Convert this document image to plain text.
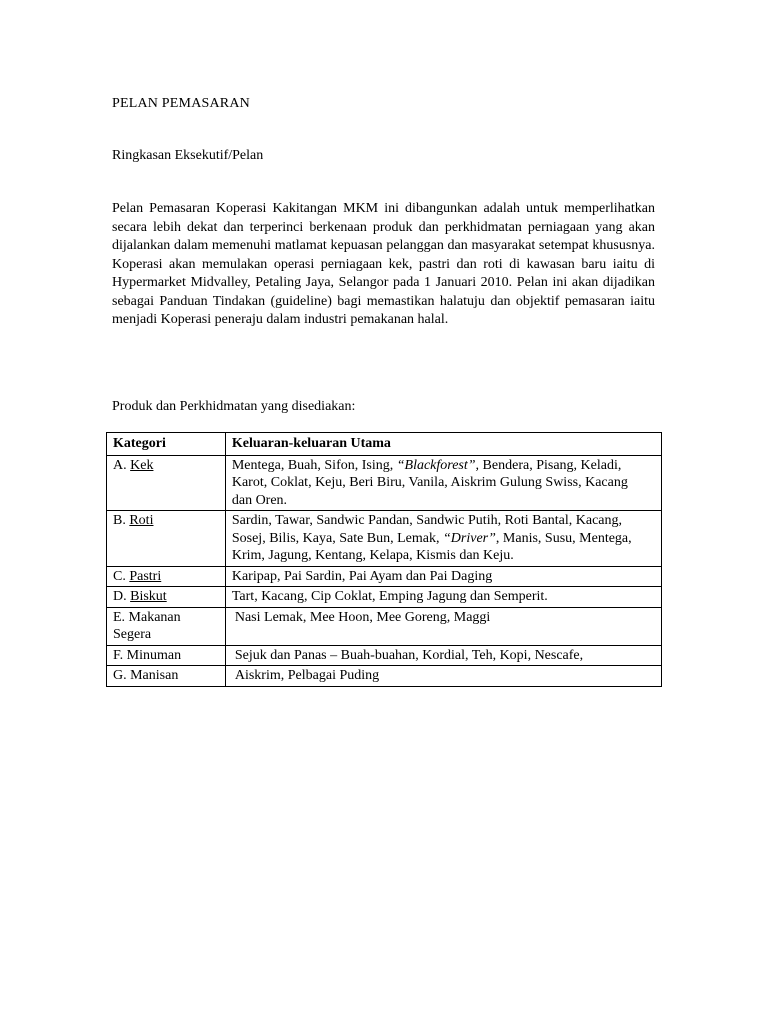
PELAN PEMASARAN
Ringkasan Eksekutif/Pelan
Pelan Pemasaran Koperasi Kakitangan MKM ini dibangunkan adalah untuk memperlihatkan secara lebih dekat dan terperinci berkenaan produk dan perkhidmatan perniagaan yang akan dijalankan dalam memenuhi matlamat kepuasan pelanggan dan masyarakat setempat khususnya. Koperasi akan memulakan operasi perniagaan kek, pastri dan roti di kawasan baru iaitu di Hypermarket Midvalley, Petaling Jaya, Selangor pada 1 Januari 2010. Pelan ini akan dijadikan sebagai Panduan Tindakan (guideline) bagi memastikan halatuju dan objektif pemasaran iaitu menjadi Koperasi peneraju dalam industri pemakanan halal.
Produk dan Perkhidmatan yang disediakan:
Kategori	Keluaran-keluaran Utama
A. Kek	Mentega, Buah, Sifon, Ising, “Blackforest”, Bendera, Pisang, Keladi,
Karot, Coklat, Keju, Beri Biru, Vanila, Aiskrim Gulung Swiss, Kacang
dan Oren.
B. Roti	Sardin, Tawar, Sandwic Pandan, Sandwic Putih, Roti Bantal, Kacang,
Sosej, Bilis, Kaya, Sate Bun, Lemak, “Driver”, Manis, Susu, Mentega,
Krim, Jagung, Kentang, Kelapa, Kismis dan Keju.
C. Pastri	Karipap, Pai Sardin, Pai Ayam dan Pai Daging
D. Biskut	Tart, Kacang, Cip Coklat, Emping Jagung dan Semperit.
E. Makanan Segera	Nasi Lemak, Mee Hoon, Mee Goreng, Maggi
F. Minuman	Sejuk dan Panas – Buah-buahan, Kordial, Teh, Kopi, Nescafe,
G. Manisan	Aiskrim, Pelbagai Puding
